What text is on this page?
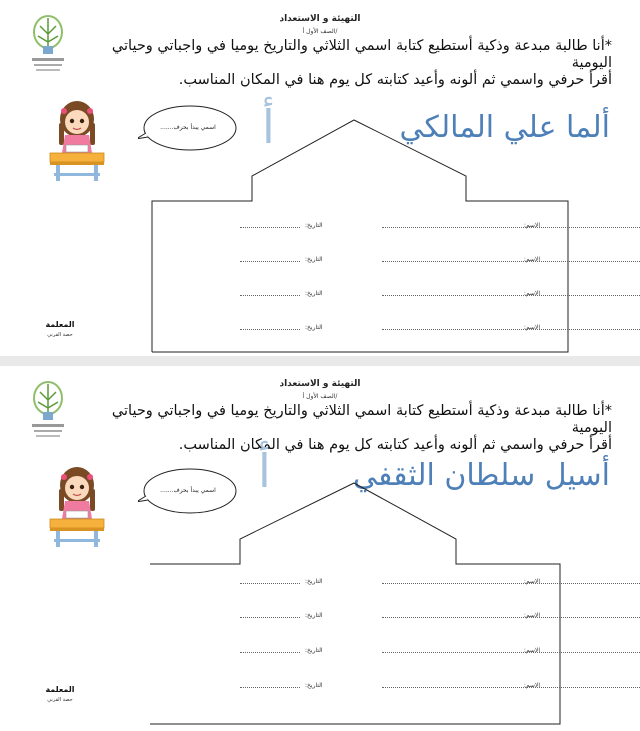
التهيئة و الاستعداد
الصف الأول أ/
*أنا طالبة مبدعة وذكية أستطيع كتابة اسمي الثلاثي والتاريخ يوميا في واجباتي وحياتي اليومية
أقرأ حرفي واسمي ثم ألونه وأعيد كتابته كل يوم هنا في المكان المناسب.
اسمي يبدأ بحرف....... أ	ألما علي المالكي
التاريخ:	الاسم:
التاريخ:	الاسم:
التاريخ:	الاسم:
التاريخ:	الاسم:
المعلمة
حصة القرني
التهيئة و الاستعداد
الصف الأول أ/
*أنا طالبة مبدعة وذكية أستطيع كتابة اسمي الثلاثي والتاريخ يوميا في واجباتي وحياتي اليومية
أقرأ حرفي واسمي ثم ألونه وأعيد كتابته كل يوم هنا في المكان المناسب.
اسمي يبدأ بحرف....... أ	أسيل سلطان الثقفي
التاريخ:	الاسم:
التاريخ:	الاسم:
التاريخ:	الاسم:
التاريخ:	الاسم:
المعلمة
حصة القرني
